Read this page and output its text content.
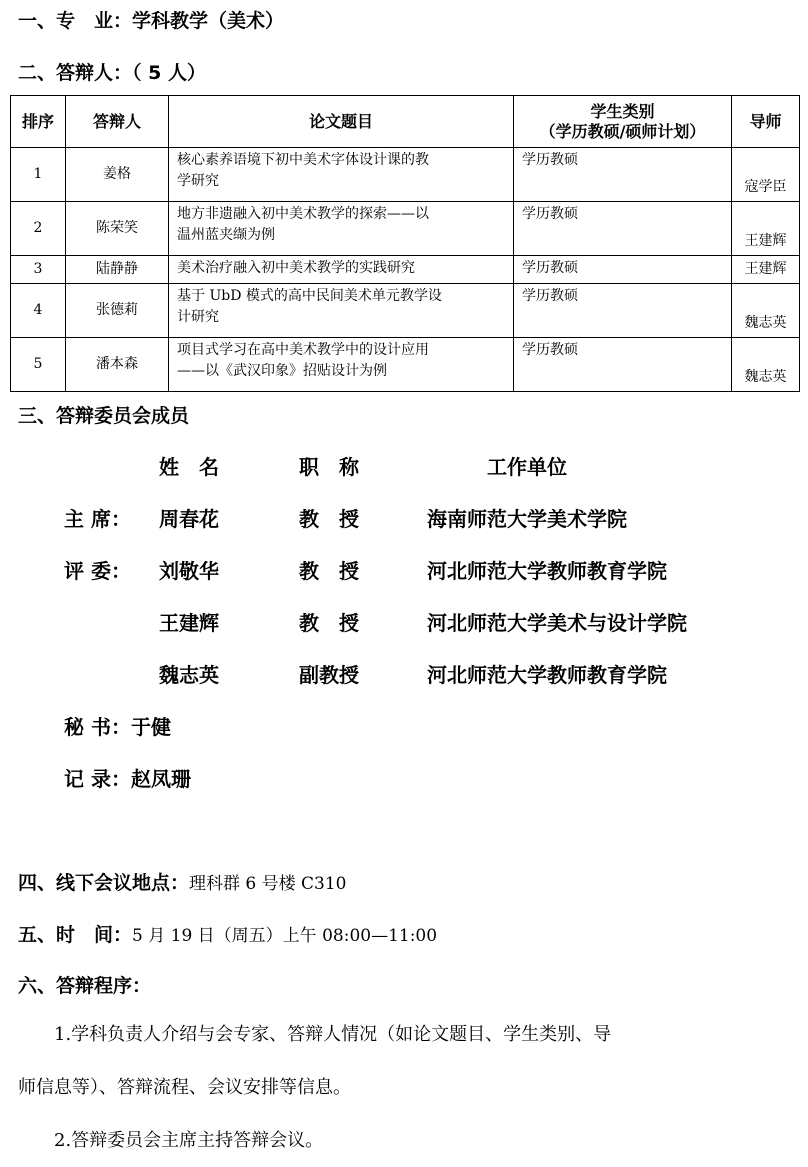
一、专　业：学科教学（美术）
二、答辩人：（ 5 人）
排序	答辩人	论文题目	学生类别
（学历教硕/硕师计划）	导师
1	姜格	核心素养语境下初中美术字体设计课的教
学研究	学历教硕	寇学臣
2	陈荣笑	地方非遗融入初中美术教学的探索——以
温州蓝夹缬为例	学历教硕	王建辉
3	陆静静	美术治疗融入初中美术教学的实践研究	学历教硕	王建辉
4	张德莉	基于 UbD 模式的高中民间美术单元教学设
计研究	学历教硕	魏志英
5	潘本森	项目式学习在高中美术教学中的设计应用
——以《武汉印象》招贴设计为例	学历教硕	魏志英
三、答辩委员会成员
姓　名	职　称	工作单位
主 席： 周春花	教　授	海南师范大学美术学院
评 委： 刘敬华	教　授	河北师范大学教师教育学院
王建辉	教　授	河北师范大学美术与设计学院
魏志英	副教授	河北师范大学教师教育学院
秘 书：于健
记 录：赵凤珊
四、线下会议地点：理科群 6 号楼 C310
五、时　间：5 月 19 日（周五）上午 08:00—11:00
六、答辩程序：
1.学科负责人介绍与会专家、答辩人情况（如论文题目、学生类别、导
师信息等）、答辩流程、会议安排等信息。
2.答辩委员会主席主持答辩会议。
